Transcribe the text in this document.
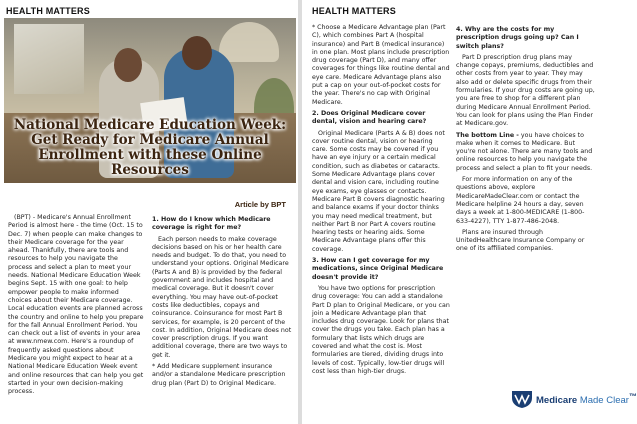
HEALTH MATTERS
National Medicare Education Week: Get Ready for Medicare Annual Enrollment with these Online Resources
Article by BPT

(BPT) - Medicare's Annual Enrollment Period is almost here - the time (Oct. 15 to Dec. 7) when people can make changes to their Medicare coverage for the year ahead. Thankfully, there are tools and resources to help you navigate the process and select a plan to meet your needs. National Medicare Education Week begins Sept. 15 with one goal: to help empower people to make informed choices about their Medicare coverage. Local education events are planned across the country and online to help you prepare for the fall Annual Enrollment Period. You can check out a list of events in your area at www.nmew.com. Here's a roundup of frequently asked questions about Medicare you might expect to hear at a National Medicare Education Week event and online resources that can help you get started in your own decision-making process.

1. How do I know which Medicare coverage is right for me?

Each person needs to make coverage decisions based on his or her health care needs and budget. To do that, you need to understand your options. Original Medicare (Parts A and B) is provided by the federal government and includes hospital and medical coverage. But it doesn't cover everything. You may have out-of-pocket costs like deductibles, copays and coinsurance. Coinsurance for most Part B services, for example, is 20 percent of the cost. In addition, Original Medicare does not cover prescription drugs. If you want additional coverage, there are two ways to get it.

* Add Medicare supplement insurance and/or a standalone Medicare prescription drug plan (Part D) to Original Medicare.

HEALTH MATTERS

* Choose a Medicare Advantage plan (Part C), which combines Part A (hospital insurance) and Part B (medical insurance) in one plan. Most plans include prescription drug coverage (Part D), and many offer coverages for things like routine dental and eye care. Medicare Advantage plans also put a cap on your out-of-pocket costs for the year. There's no cap with Original Medicare.

2. Does Original Medicare cover dental, vision and hearing care?

Original Medicare (Parts A & B) does not cover routine dental, vision or hearing care. Some costs may be covered if you have an eye injury or a certain medical condition, such as diabetes or cataracts. Some Medicare Advantage plans cover dental and vision care, including routine eye exams, eye glasses or contacts. Medicare Part B covers diagnostic hearing and balance exams if your doctor thinks you may need medical treatment, but neither Part B nor Part A covers routine hearing tests or hearing aids. Some Medicare Advantage plans offer this coverage.

3. How can I get coverage for my medications, since Original Medicare doesn't provide it?

You have two options for prescription drug coverage: You can add a standalone Part D plan to Original Medicare, or you can join a Medicare Advantage plan that includes drug coverage. Look for plans that cover the drugs you take. Each plan has a formulary that lists which drugs are covered and what the cost is. Most formularies are tiered, dividing drugs into levels of cost. Typically, low-tier drugs will cost less than high-tier drugs.

4. Why are the costs for my prescription drugs going up? Can I switch plans?

Part D prescription drug plans may change copays, premiums, deductibles and other costs from year to year. They may also add or delete specific drugs from their formularies. If your drug costs are going up, you are free to shop for a different plan during Medicare Annual Enrollment Period. You can look for plans using the Plan Finder at Medicare.gov.

The bottom Line - you have choices to make when it comes to Medicare. But you're not alone. There are many tools and online resources to help you navigate the process and select a plan to fit your needs.

For more information on any of the questions above, explore MedicareMadeClear.com or contact the Medicare helpline 24 hours a day, seven days a week at 1-800-MEDICARE (1-800-633-4227), TTY 1-877-486-2048.

Plans are insured through UnitedHealthcare Insurance Company or one of its affiliated companies.

Medicare Made Clear™
